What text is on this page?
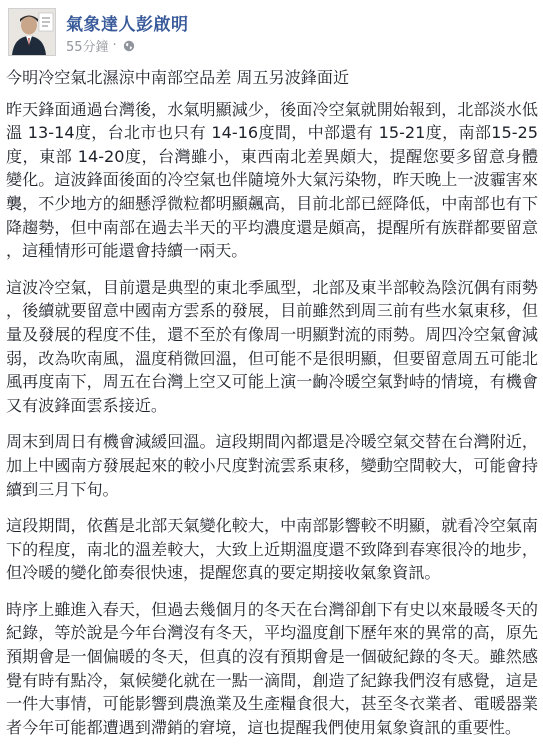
氣象達人彭啟明
55分鐘 ·

今明冷空氣北濕涼中南部空品差 周五另波鋒面近

昨天鋒面通過台灣後，水氣明顯減少，後面冷空氣就開始報到，北部淡水低溫 13-14度，台北市也只有 14-16度間，中部還有 15-21度，南部15-25度，東部 14-20度，台灣雖小，東西南北差異頗大，提醒您要多留意身體變化。這波鋒面後面的冷空氣也伴隨境外大氣污染物，昨天晚上一波霾害來襲，不少地方的細懸浮微粒都明顯飆高，目前北部已經降低，中南部也有下降趨勢，但中南部在過去半天的平均濃度還是頗高，提醒所有族群都要留意，這種情形可能還會持續一兩天。

這波冷空氣，目前還是典型的東北季風型，北部及東半部較為陰沉偶有雨勢，後續就要留意中國南方雲系的發展，目前雖然到周三前有些水氣東移，但量及發展的程度不佳，還不至於有像周一明顯對流的雨勢。周四冷空氣會減弱，改為吹南風，溫度稍微回溫，但可能不是很明顯，但要留意周五可能北風再度南下，周五在台灣上空又可能上演一齣冷暖空氣對峙的情境，有機會又有波鋒面雲系接近。

周末到周日有機會減緩回溫。這段期間內都還是冷暖空氣交替在台灣附近，加上中國南方發展起來的較小尺度對流雲系東移，變動空間較大，可能會持續到三月下旬。

這段期間，依舊是北部天氣變化較大，中南部影響較不明顯，就看冷空氣南下的程度，南北的溫差較大，大致上近期溫度還不致降到春寒很冷的地步，但冷暖的變化節奏很快速，提醒您真的要定期接收氣象資訊。

時序上雖進入春天，但過去幾個月的冬天在台灣卻創下有史以來最暖冬天的紀錄，等於說是今年台灣沒有冬天，平均溫度創下歷年來的異常的高，原先預期會是一個偏暖的冬天，但真的沒有預期會是一個破紀錄的冬天。雖然感覺有時有點冷，氣候變化就在一點一滴間，創造了紀錄我們沒有感覺，這是一件大事情，可能影響到農漁業及生產糧食很大，甚至冬衣業者、電暖器業者今年可能都遭遇到滯銷的窘境，這也提醒我們使用氣象資訊的重要性。
